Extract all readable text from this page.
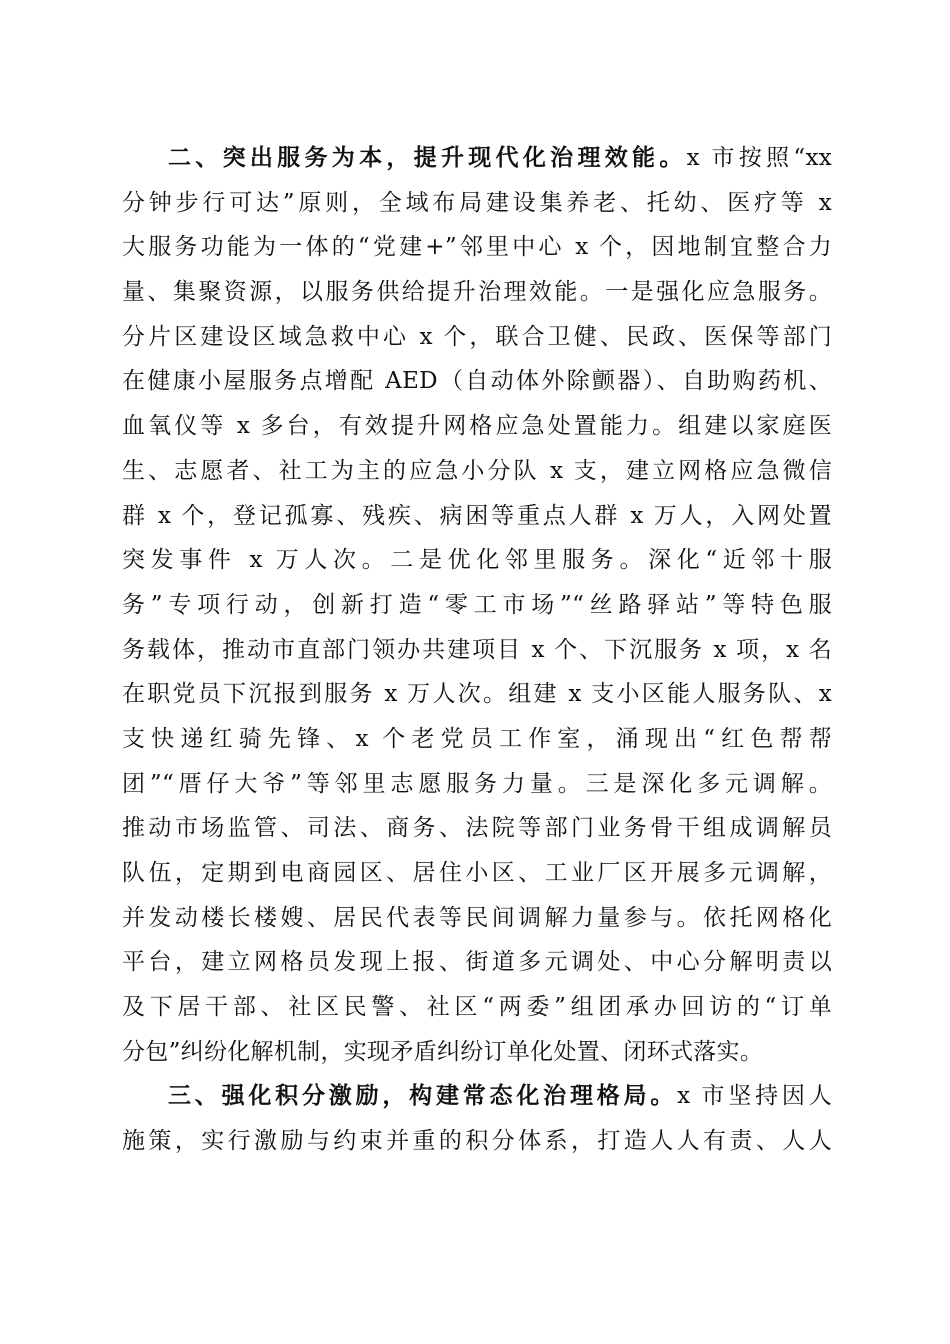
二、突出服务为本，提升现代化治理效能。x 市按照“xx
分钟步行可达”原则，全域布局建设集养老、托幼、医疗等 x
大服务功能为一体的“党建+”邻里中心 x 个，因地制宜整合力
量、集聚资源，以服务供给提升治理效能。一是强化应急服务。
分片区建设区域急救中心 x 个，联合卫健、民政、医保等部门
在健康小屋服务点增配 AED（自动体外除颤器）、自助购药机、
血氧仪等 x 多台，有效提升网格应急处置能力。组建以家庭医
生、志愿者、社工为主的应急小分队 x 支，建立网格应急微信
群 x 个，登记孤寡、残疾、病困等重点人群 x 万人，入网处置
突发事件 x 万人次。二是优化邻里服务。深化“近邻十服
务”专项行动，创新打造“零工市场”“丝路驿站”等特色服
务载体，推动市直部门领办共建项目 x 个、下沉服务 x 项，x 名
在职党员下沉报到服务 x 万人次。组建 x 支小区能人服务队、x
支快递红骑先锋、x 个老党员工作室，涌现出“红色帮帮
团”“厝仔大爷”等邻里志愿服务力量。三是深化多元调解。
推动市场监管、司法、商务、法院等部门业务骨干组成调解员
队伍，定期到电商园区、居住小区、工业厂区开展多元调解，
并发动楼长楼嫂、居民代表等民间调解力量参与。依托网格化
平台，建立网格员发现上报、街道多元调处、中心分解明责以
及下居干部、社区民警、社区“两委”组团承办回访的“订单
分包”纠纷化解机制，实现矛盾纠纷订单化处置、闭环式落实。
三、强化积分激励，构建常态化治理格局。x 市坚持因人
施策，实行激励与约束并重的积分体系，打造人人有责、人人
